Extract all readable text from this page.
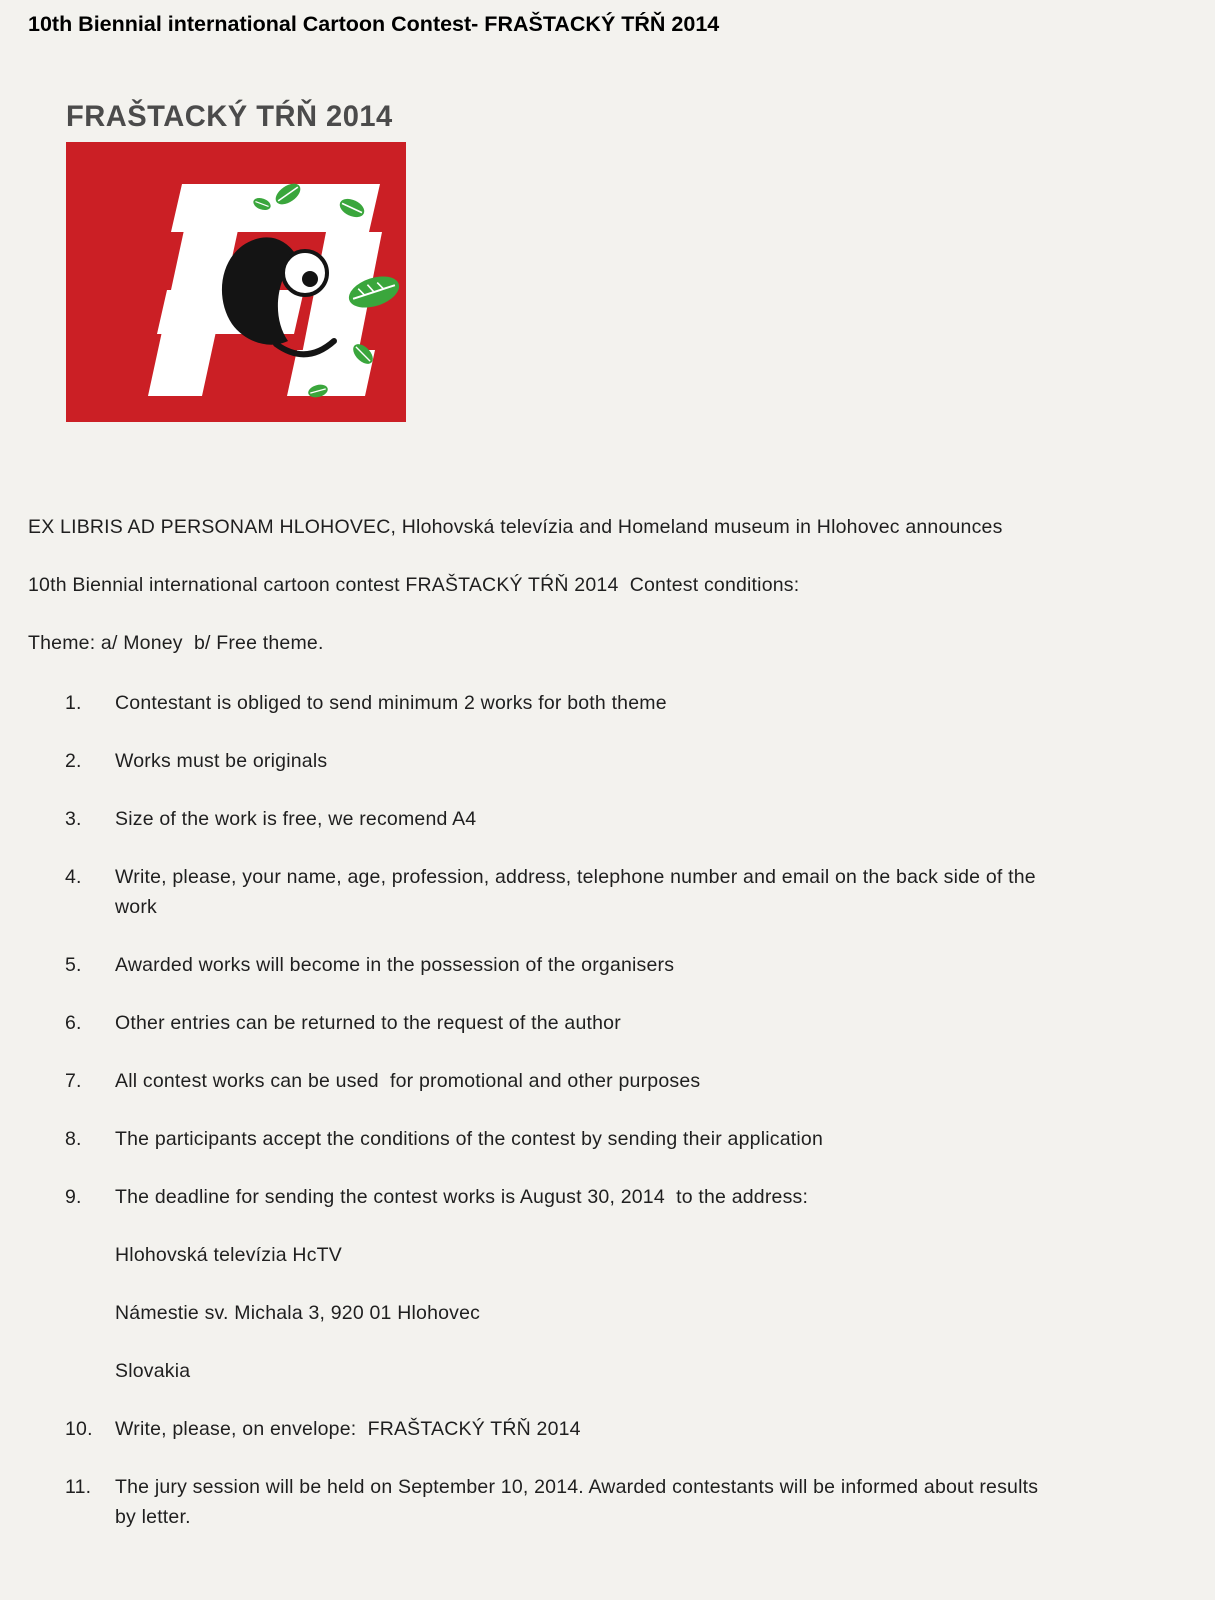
10th Biennial international Cartoon Contest- FRAŠTACKÝ TŔŇ 2014
FRAŠTACKÝ TŔŇ 2014

EX LIBRIS AD PERSONAM HLOHOVEC, Hlohovská televízia and Homeland museum in Hlohovec announces

10th Biennial international cartoon contest FRAŠTACKÝ TŔŇ 2014  Contest conditions:

Theme: a/ Money  b/ Free theme.

1.	Contestant is obliged to send minimum 2 works for both theme
2.	Works must be originals
3.	Size of the work is free, we recomend A4
4.	Write, please, your name, age, profession, address, telephone number and email on the back side of the work
5.	Awarded works will become in the possession of the organisers
6.	Other entries can be returned to the request of the author
7.	All contest works can be used  for promotional and other purposes
8.	The participants accept the conditions of the contest by sending their application
9.	The deadline for sending the contest works is August 30, 2014  to the address:
Hlohovská televízia HcTV
Námestie sv. Michala 3, 920 01 Hlohovec
Slovakia
10.	Write, please, on envelope:  FRAŠTACKÝ TŔŇ 2014
11.	The jury session will be held on September 10, 2014. Awarded contestants will be informed about results by letter.
